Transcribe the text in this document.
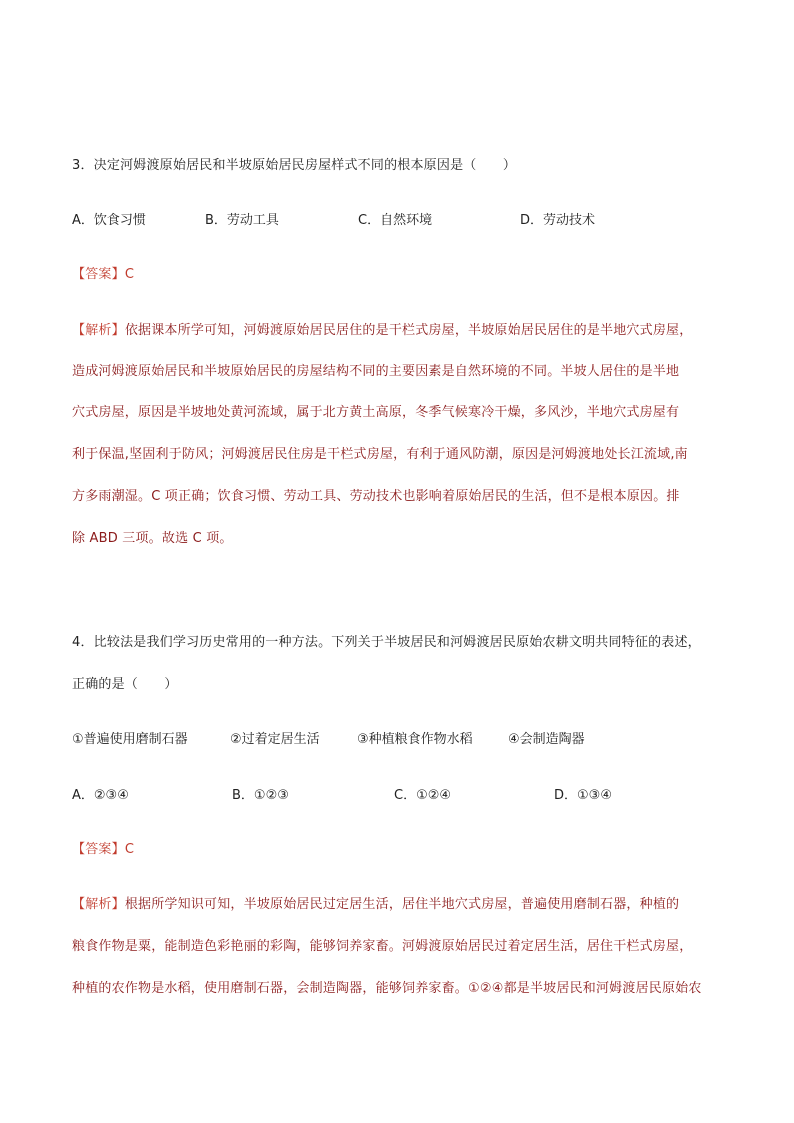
3．决定河姆渡原始居民和半坡原始居民房屋样式不同的根本原因是（　　）
A．饮食习惯	B．劳动工具	C．自然环境	D．劳动技术
【答案】C
【解析】依据课本所学可知，河姆渡原始居民居住的是干栏式房屋，半坡原始居民居住的是半地穴式房屋，
造成河姆渡原始居民和半坡原始居民的房屋结构不同的主要因素是自然环境的不同。半坡人居住的是半地
穴式房屋，原因是半坡地处黄河流域，属于北方黄土高原，冬季气候寒冷干燥，多风沙，半地穴式房屋有
利于保温,坚固利于防风；河姆渡居民住房是干栏式房屋，有利于通风防潮，原因是河姆渡地处长江流域,南
方多雨潮湿。C 项正确；饮食习惯、劳动工具、劳动技术也影响着原始居民的生活，但不是根本原因。排
除 ABD 三项。故选 C 项。
4．比较法是我们学习历史常用的一种方法。下列关于半坡居民和河姆渡居民原始农耕文明共同特征的表述，
正确的是（　　）
①普遍使用磨制石器	②过着定居生活	③种植粮食作物水稻	④会制造陶器
A．②③④	B．①②③	C．①②④	D．①③④
【答案】C
【解析】根据所学知识可知，半坡原始居民过定居生活，居住半地穴式房屋，普遍使用磨制石器，种植的
粮食作物是粟，能制造色彩艳丽的彩陶，能够饲养家畜。河姆渡原始居民过着定居生活，居住干栏式房屋，
种植的农作物是水稻，使用磨制石器，会制造陶器，能够饲养家畜。①②④都是半坡居民和河姆渡居民原始农
